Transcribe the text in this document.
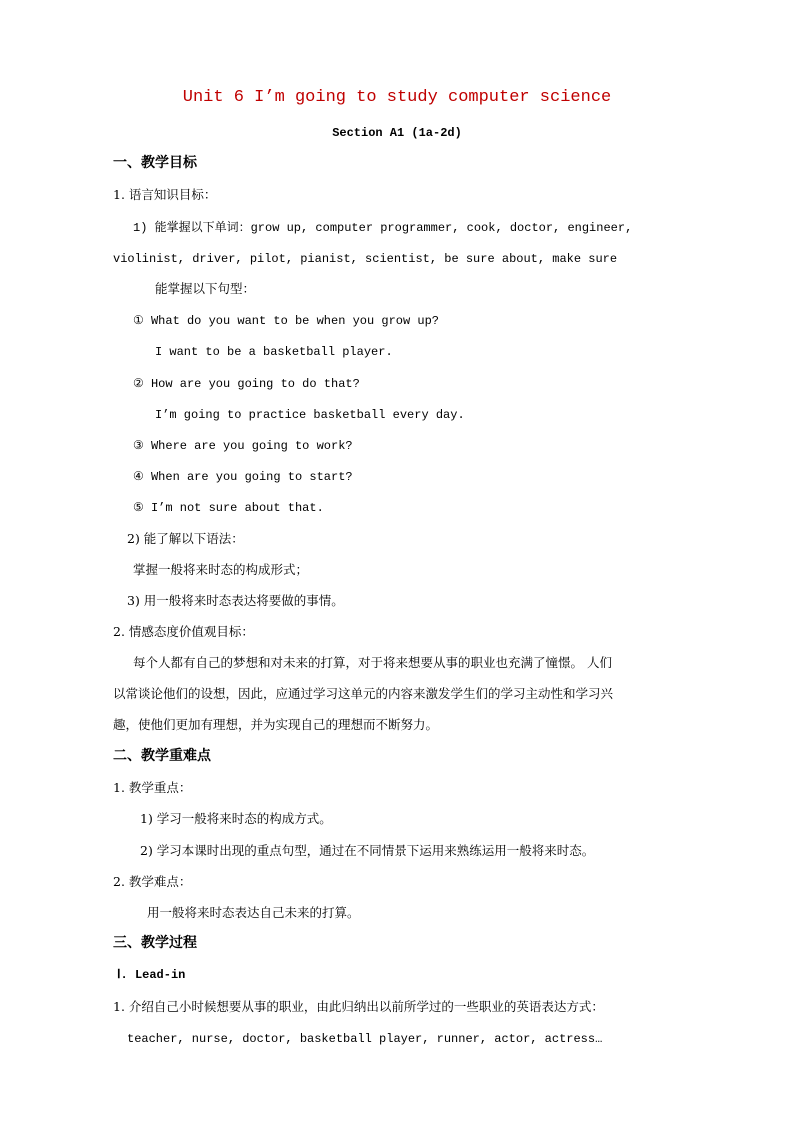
Unit 6 I’m going to study computer science
Section A1 (1a-2d)
一、教学目标
1. 语言知识目标：
1) 能掌握以下单词：grow up, computer programmer, cook, doctor, engineer,
violinist, driver, pilot, pianist, scientist, be sure about, make sure
能掌握以下句型：
① What do you want to be when you grow up?
I want to be a basketball player.
② How are you going to do that?
I’m going to practice basketball every day.
③ Where are you going to work?
④ When are you going to start?
⑤ I’m not sure about that.
2) 能了解以下语法：
掌握一般将来时态的构成形式；
3) 用一般将来时态表达将要做的事情。
2. 情感态度价值观目标：
每个人都有自己的梦想和对未来的打算，对于将来想要从事的职业也充满了憧憬。 人们
以常谈论他们的设想，因此，应通过学习这单元的内容来激发学生们的学习主动性和学习兴
趣，使他们更加有理想，并为实现自己的理想而不断努力。
二、教学重难点
1. 教学重点：
1) 学习一般将来时态的构成方式。
2) 学习本课时出现的重点句型，通过在不同情景下运用来熟练运用一般将来时态。
2. 教学难点：
用一般将来时态表达自己未来的打算。
三、教学过程
Ⅰ. Lead-in
1. 介绍自己小时候想要从事的职业，由此归纳出以前所学过的一些职业的英语表达方式：
teacher, nurse, doctor, basketball player, runner, actor, actress…
